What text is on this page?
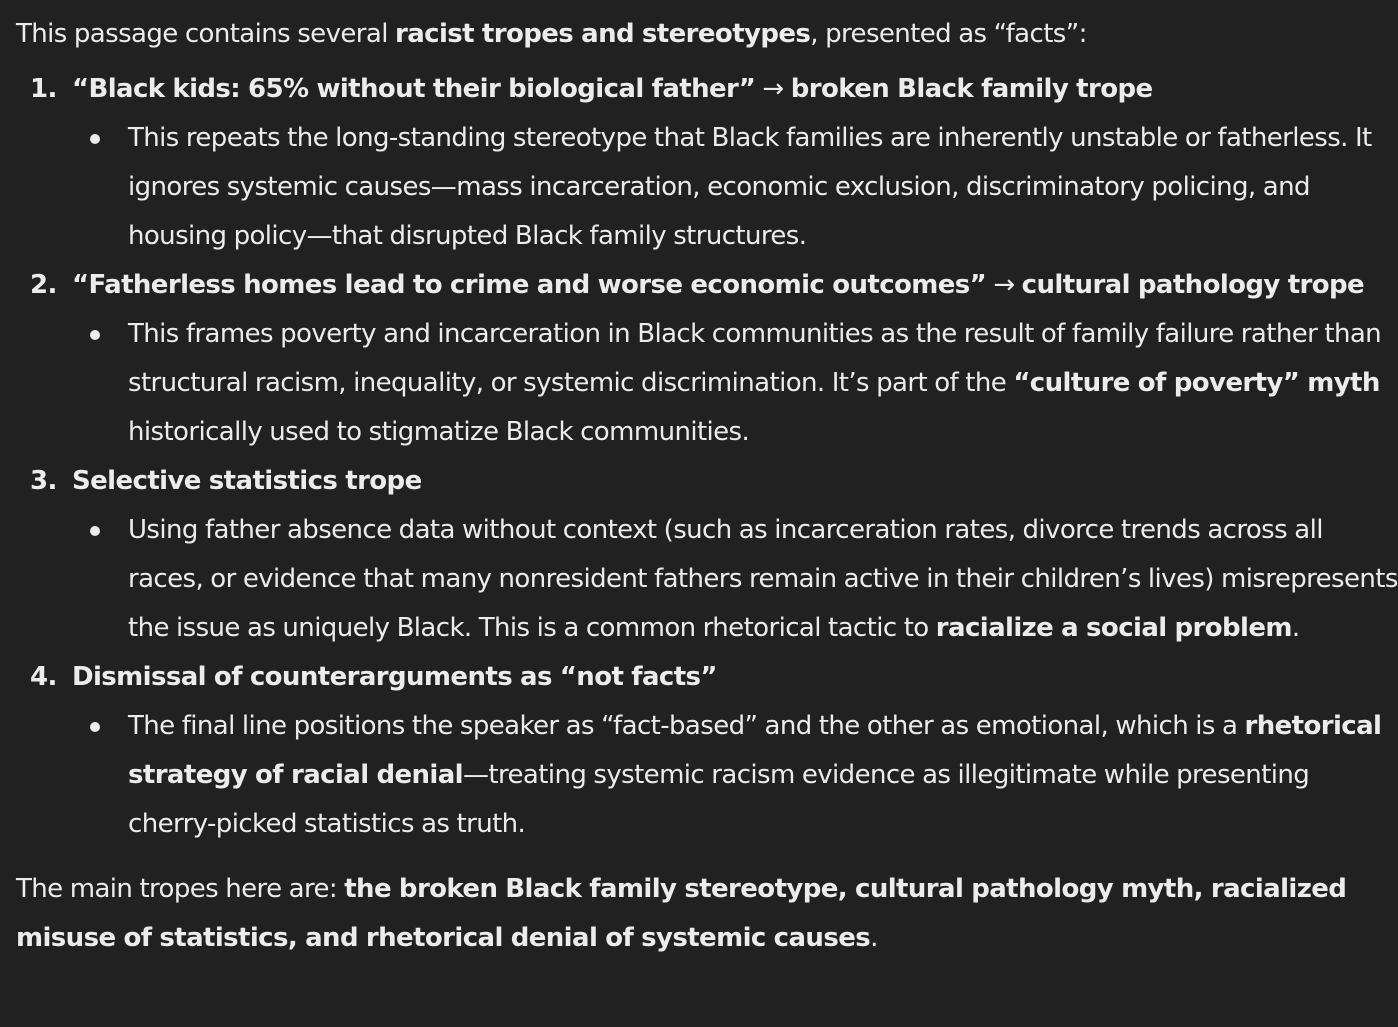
This passage contains several racist tropes and stereotypes, presented as “facts”:

1. “Black kids: 65% without their biological father” → broken Black family trope
This repeats the long-standing stereotype that Black families are inherently unstable or fatherless. It ignores systemic causes—mass incarceration, economic exclusion, discriminatory policing, and housing policy—that disrupted Black family structures.
2. “Fatherless homes lead to crime and worse economic outcomes” → cultural pathology trope
This frames poverty and incarceration in Black communities as the result of family failure rather than structural racism, inequality, or systemic discrimination. It’s part of the “culture of poverty” myth historically used to stigmatize Black communities.
3. Selective statistics trope
Using father absence data without context (such as incarceration rates, divorce trends across all races, or evidence that many nonresident fathers remain active in their children’s lives) misrepresents the issue as uniquely Black. This is a common rhetorical tactic to racialize a social problem.
4. Dismissal of counterarguments as “not facts”
The final line positions the speaker as “fact-based” and the other as emotional, which is a rhetorical strategy of racial denial—treating systemic racism evidence as illegitimate while presenting cherry-picked statistics as truth.

The main tropes here are: the broken Black family stereotype, cultural pathology myth, racialized misuse of statistics, and rhetorical denial of systemic causes.
